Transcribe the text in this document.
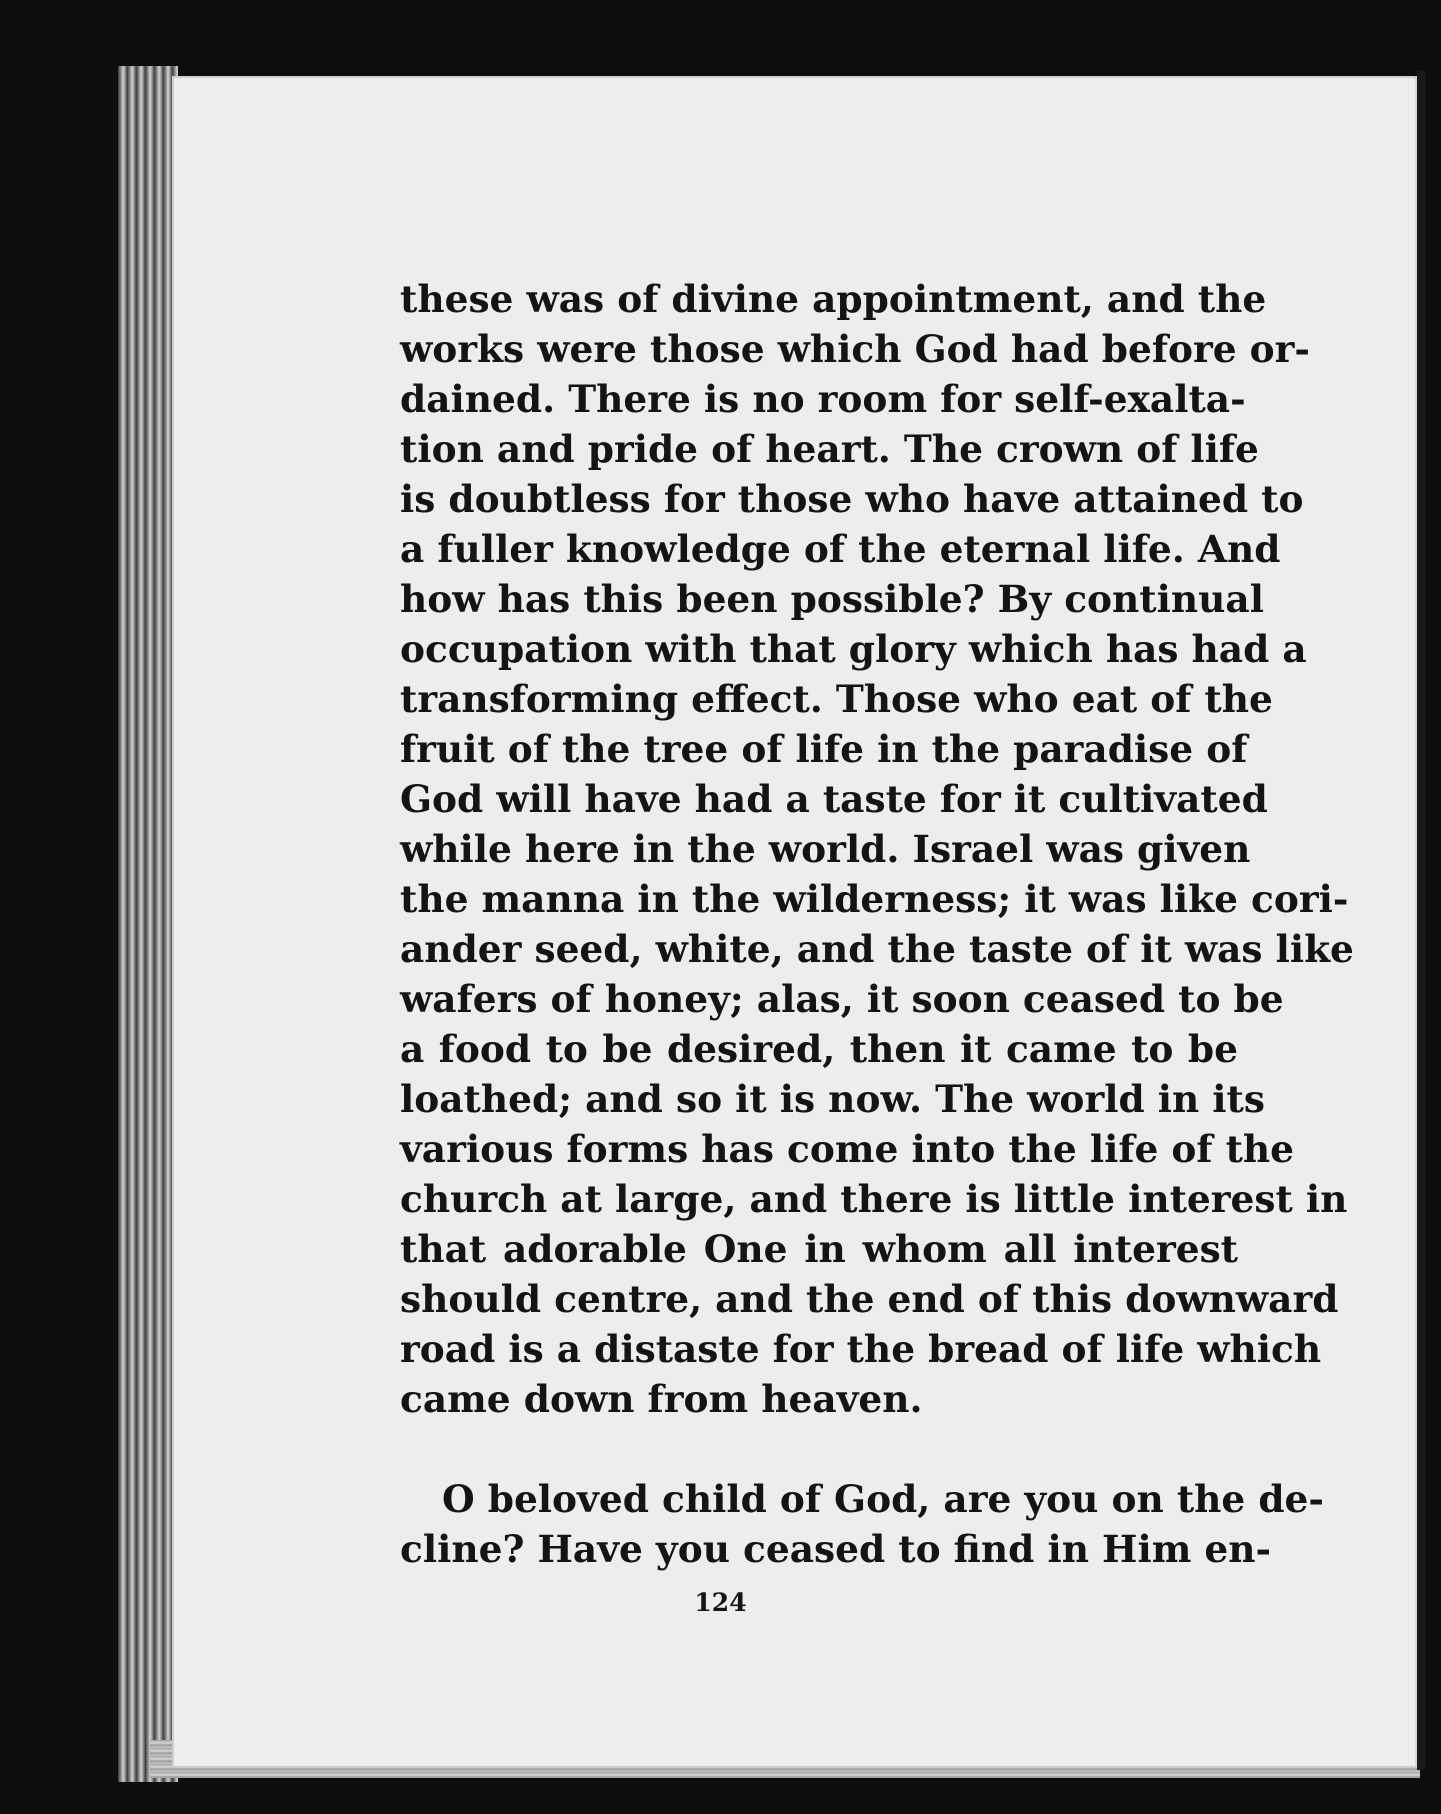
these was of divine appointment, and the
works were those which God had before or-
dained. There is no room for self-exalta-
tion and pride of heart. The crown of life
is doubtless for those who have attained to
a fuller knowledge of the eternal life. And
how has this been possible? By continual
occupation with that glory which has had a
transforming effect. Those who eat of the
fruit of the tree of life in the paradise of
God will have had a taste for it cultivated
while here in the world. Israel was given
the manna in the wilderness; it was like cori-
ander seed, white, and the taste of it was like
wafers of honey; alas, it soon ceased to be
a food to be desired, then it came to be
loathed; and so it is now. The world in its
various forms has come into the life of the
church at large, and there is little interest in
that adorable One in whom all interest
should centre, and the end of this downward
road is a distaste for the bread of life which
came down from heaven.
O beloved child of God, are you on the de-
cline? Have you ceased to find in Him en-
124
